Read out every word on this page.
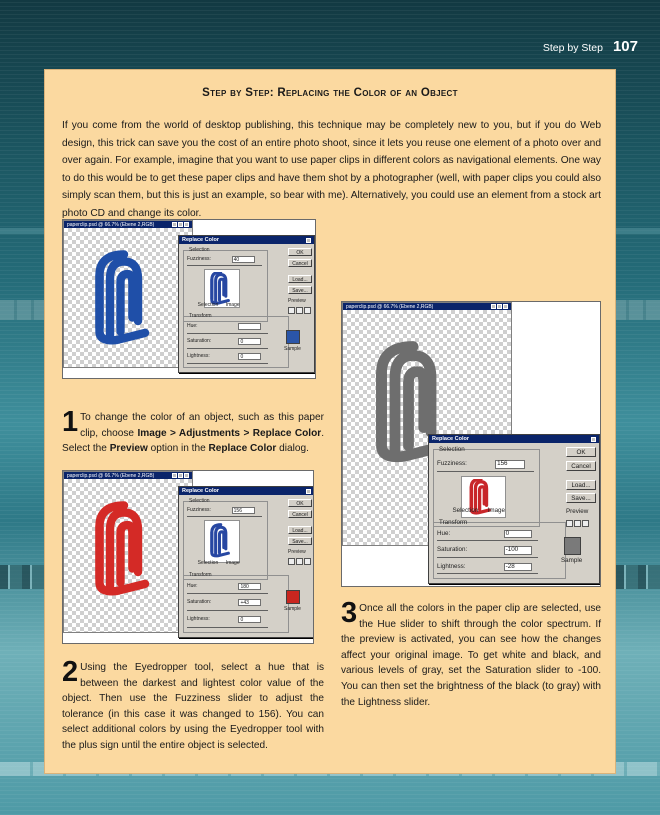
Step by Step 107
Step by Step: Replacing the Color of an Object

If you come from the world of desktop publishing, this technique may be completely new to you, but if you do Web design, this trick can save you the cost of an entire photo shoot, since it lets you reuse one element of a photo over and over again. For example, imagine that you want to use paper clips in different colors as navigational elements. One way to do this would be to get these paper clips and have them shot by a photographer (well, with paper clips you could also simply scan them, but this is just an example, so bear with me). Alternatively, you could use an element from a stock art photo CD and change its color.

paperclip.psd @ 66.7% (Ebene 2,RGB)
Replace Color
Selection
Fuzziness:	40
Selection Image
Transform
Hue:
Saturation:	0
Lightness:	0
Sample
OK
Cancel
Load...
Save...
Preview
paperclip.psd @ 66.7% (Ebene 2,RGB)
Replace Color
Selection
Fuzziness:	156
Selection Image
Transform
Hue:	180
Saturation:	+43
Lightness:	0
Sample
OK
Cancel
Load...
Save...
Preview
paperclip.psd @ 66.7% (Ebene 2,RGB)
Replace Color
Selection
Fuzziness:	156
Selection Image
Transform
Hue:	0
Saturation:	-100
Lightness:	-28
Sample
OK
Cancel
Load...
Save...
Preview

1 To change the color of an object, such as this paper clip, choose Image > Adjustments > Replace Color. Select the Preview option in the Replace Color dialog.

2 Using the Eyedropper tool, select a hue that is between the darkest and lightest color value of the object. Then use the Fuzziness slider to adjust the tolerance (in this case it was changed to 156). You can select additional colors by using the Eyedropper tool with the plus sign until the entire object is selected.

3 Once all the colors in the paper clip are selected, use the Hue slider to shift through the color spectrum. If the preview is activated, you can see how the changes affect your original image. To get white and black, and various levels of gray, set the Saturation slider to -100. You can then set the brightness of the black (to gray) with the Lightness slider.
